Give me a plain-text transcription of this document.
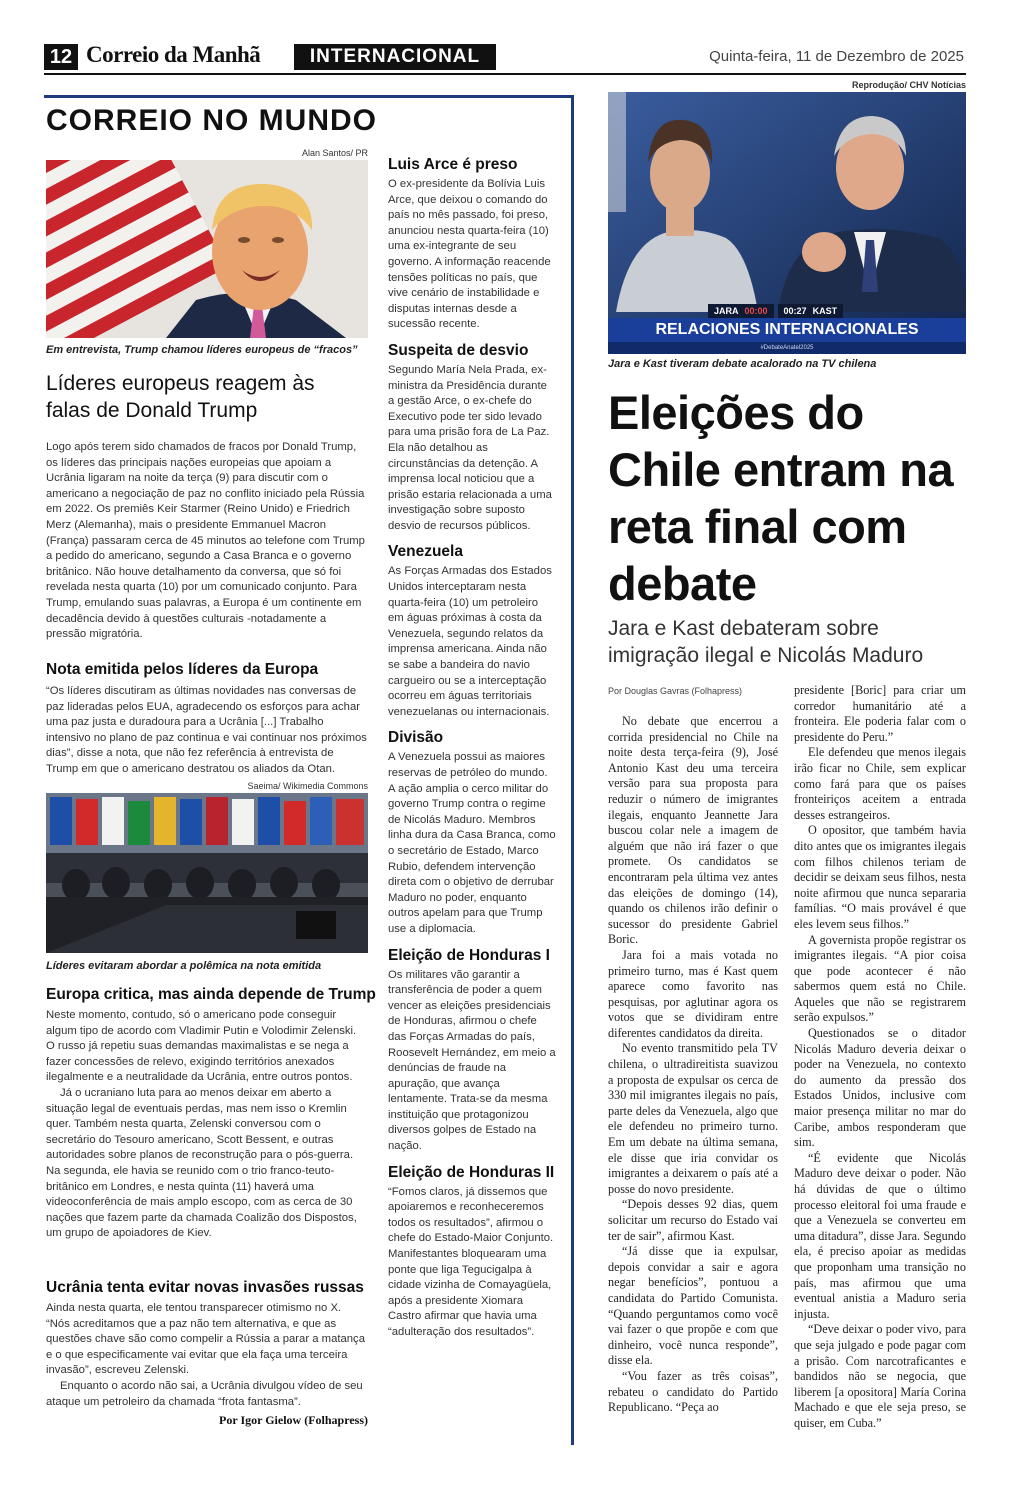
12 Correio da Manhã	INTERNACIONAL	Quinta-feira, 11 de Dezembro de 2025
CORREIO NO MUNDO
Alan Santos/ PR
Em entrevista, Trump chamou líderes europeus de “fracos”
Líderes europeus reagem às falas de Donald Trump

Logo após terem sido chamados de fracos por Donald Trump, os líderes das principais nações europeias que apoiam a Ucrânia ligaram na noite da terça (9) para discutir com o americano a negociação de paz no conflito iniciado pela Rússia em 2022. Os premiês Keir Starmer (Reino Unido) e Friedrich Merz (Alemanha), mais o presidente Emmanuel Macron (França) passaram cerca de 45 minutos ao telefone com Trump a pedido do americano, segundo a Casa Branca e o governo britânico. Não houve detalhamento da conversa, que só foi revelada nesta quarta (10) por um comunicado conjunto. Para Trump, emulando suas palavras, a Europa é um continente em decadência devido à questões culturais -notadamente a pressão migratória.

Nota emitida pelos líderes da Europa

“Os líderes discutiram as últimas novidades nas conversas de paz lideradas pelos EUA, agradecendo os esforços para achar uma paz justa e duradoura para a Ucrânia [...] Trabalho intensivo no plano de paz continua e vai continuar nos próximos dias”, disse a nota, que não fez referência à entrevista de Trump em que o americano destratou os aliados da Otan.

Saeima/ Wikimedia Commons
Líderes evitaram abordar a polêmica na nota emitida
Europa critica, mas ainda depende de Trump

Neste momento, contudo, só o americano pode conseguir algum tipo de acordo com Vladimir Putin e Volodimir Zelenski. O russo já repetiu suas demandas maximalistas e se nega a fazer concessões de relevo, exigindo territórios anexados ilegalmente e a neutralidade da Ucrânia, entre outros pontos.

Já o ucraniano luta para ao menos deixar em aberto a situação legal de eventuais perdas, mas nem isso o Kremlin quer. Também nesta quarta, Zelenski conversou com o secretário do Tesouro americano, Scott Bessent, e outras autoridades sobre planos de reconstrução para o pós-guerra. Na segunda, ele havia se reunido com o trio franco-teuto-britânico em Londres, e nesta quinta (11) haverá uma videoconferência de mais amplo escopo, com as cerca de 30 nações que fazem parte da chamada Coalizão dos Dispostos, um grupo de apoiadores de Kiev.

Ucrânia tenta evitar novas invasões russas

Ainda nesta quarta, ele tentou transparecer otimismo no X. “Nós acreditamos que a paz não tem alternativa, e que as questões chave são como compelir a Rússia a parar a matança e o que especificamente vai evitar que ela faça uma terceira invasão”, escreveu Zelenski.

Enquanto o acordo não sai, a Ucrânia divulgou vídeo de seu ataque um petroleiro da chamada “frota fantasma”.

Por Igor Gielow (Folhapress)
Luis Arce é preso
O ex-presidente da Bolívia Luis Arce, que deixou o comando do país no mês passado, foi preso, anunciou nesta quarta-feira (10) uma ex-integrante de seu governo. A informação reacende tensões políticas no país, que vive cenário de instabilidade e disputas internas desde a sucessão recente.
Suspeita de desvio
Segundo María Nela Prada, ex-ministra da Presidência durante a gestão Arce, o ex-chefe do Executivo pode ter sido levado para uma prisão fora de La Paz. Ela não detalhou as circunstâncias da detenção. A imprensa local noticiou que a prisão estaria relacionada a uma investigação sobre suposto desvio de recursos públicos.
Venezuela
As Forças Armadas dos Estados Unidos interceptaram nesta quarta-feira (10) um petroleiro em águas próximas à costa da Venezuela, segundo relatos da imprensa americana. Ainda não se sabe a bandeira do navio cargueiro ou se a interceptação ocorreu em águas territoriais venezuelanas ou internacionais.
Divisão
A Venezuela possui as maiores reservas de petróleo do mundo. A ação amplia o cerco militar do governo Trump contra o regime de Nicolás Maduro. Membros linha dura da Casa Branca, como o secretário de Estado, Marco Rubio, defendem intervenção direta com o objetivo de derrubar Maduro no poder, enquanto outros apelam para que Trump use a diplomacia.
Eleição de Honduras I
Os militares vão garantir a transferência de poder a quem vencer as eleições presidenciais de Honduras, afirmou o chefe das Forças Armadas do país, Roosevelt Hernández, em meio a denúncias de fraude na apuração, que avança lentamente. Trata-se da mesma instituição que protagonizou diversos golpes de Estado na nação.
Eleição de Honduras II
“Fomos claros, já dissemos que apoiaremos e reconheceremos todos os resultados”, afirmou o chefe do Estado-Maior Conjunto. Manifestantes bloquearam uma ponte que liga Tegucigalpa à cidade vizinha de Comayagüela, após a presidente Xiomara Castro afirmar que havia uma “adulteração dos resultados”.
Reprodução/ CHV Notícias
JARA 00:00 00:27 KAST
RELACIONES INTERNACIONALES
#DebateAnatel2025
Jara e Kast tiveram debate acalorado na TV chilena
Eleições do Chile entram na reta final com debate
Jara e Kast debateram sobre imigração ilegal e Nicolás Maduro
Por Douglas Gavras (Folhapress)

No debate que encerrou a corrida presidencial no Chile na noite desta terça-feira (9), José Antonio Kast deu uma terceira versão para sua proposta para reduzir o número de imigrantes ilegais, enquanto Jeannette Jara buscou colar nele a imagem de alguém que não irá fazer o que promete. Os candidatos se encontraram pela última vez antes das eleições de domingo (14), quando os chilenos irão definir o sucessor do presidente Gabriel Boric.

Jara foi a mais votada no primeiro turno, mas é Kast quem aparece como favorito nas pesquisas, por aglutinar agora os votos que se dividiram entre diferentes candidatos da direita.

No evento transmitido pela TV chilena, o ultradireitista suavizou a proposta de expulsar os cerca de 330 mil imigrantes ilegais no país, parte deles da Venezuela, algo que ele defendeu no primeiro turno. Em um debate na última semana, ele disse que iria convidar os imigrantes a deixarem o país até a posse do novo presidente.

“Depois desses 92 dias, quem solicitar um recurso do Estado vai ter de sair”, afirmou Kast.

“Já disse que ia expulsar, depois convidar a sair e agora negar benefícios”, pontuou a candidata do Partido Comunista. “Quando perguntamos como você vai fazer o que propõe e com que dinheiro, você nunca responde”, disse ela.

“Vou fazer as três coisas”, rebateu o candidato do Partido Republicano. “Peça ao

presidente [Boric] para criar um corredor humanitário até a fronteira. Ele poderia falar com o presidente do Peru.”

Ele defendeu que menos ilegais irão ficar no Chile, sem explicar como fará para que os países fronteiriços aceitem a entrada desses estrangeiros.

O opositor, que também havia dito antes que os imigrantes ilegais com filhos chilenos teriam de decidir se deixam seus filhos, nesta noite afirmou que nunca separaria famílias. “O mais provável é que eles levem seus filhos.”

A governista propõe registrar os imigrantes ilegais. “A pior coisa que pode acontecer é não sabermos quem está no Chile. Aqueles que não se registrarem serão expulsos.”

Questionados se o ditador Nicolás Maduro deveria deixar o poder na Venezuela, no contexto do aumento da pressão dos Estados Unidos, inclusive com maior presença militar no mar do Caribe, ambos responderam que sim.

“É evidente que Nicolás Maduro deve deixar o poder. Não há dúvidas de que o último processo eleitoral foi uma fraude e que a Venezuela se converteu em uma ditadura”, disse Jara. Segundo ela, é preciso apoiar as medidas que proponham uma transição no país, mas afirmou que uma eventual anistia a Maduro seria injusta.

“Deve deixar o poder vivo, para que seja julgado e pode pagar com a prisão. Com narcotraficantes e bandidos não se negocia, que liberem [a opositora] María Corina Machado e que ele seja preso, se quiser, em Cuba.”
